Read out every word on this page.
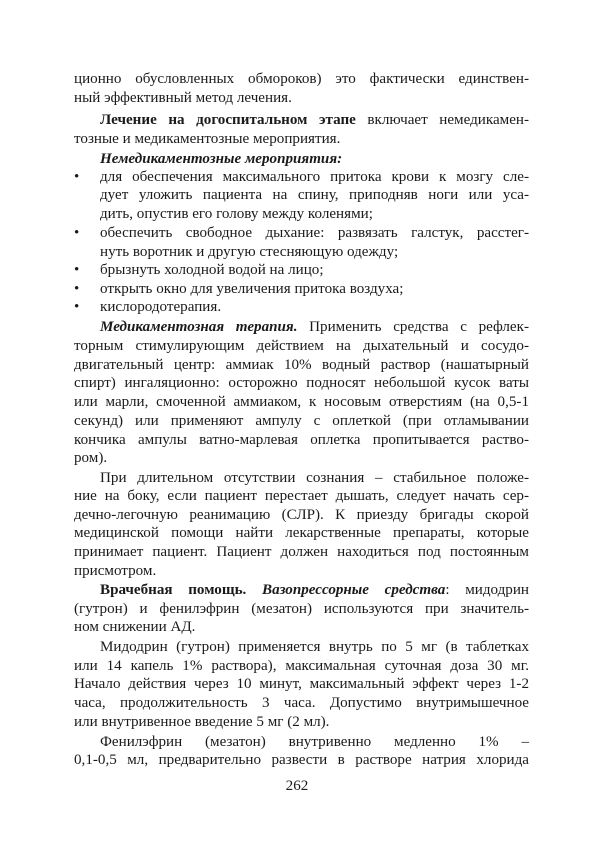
ционно обусловленных обмороков) это фактически единствен-
ный эффективный метод лечения.
Лечение на догоспитальном этапе включает немедикамен-
тозные и медикаментозные мероприятия.
Немедикаментозные мероприятия:
• для обеспечения максимального притока крови к мозгу сле-
дует уложить пациента на спину, приподняв ноги или уса-
дить, опустив его голову между коленями;
• обеспечить свободное дыхание: развязать галстук, расстег-
нуть воротник и другую стесняющую одежду;
• брызнуть холодной водой на лицо;
• открыть окно для увеличения притока воздуха;
• кислородотерапия.
Медикаментозная терапия. Применить средства с рефлек-
торным стимулирующим действием на дыхательный и сосудо-
двигательный центр: аммиак 10% водный раствор (нашатырный
спирт) ингаляционно: осторожно подносят небольшой кусок ваты
или марли, смоченной аммиаком, к носовым отверстиям (на 0,5-1
секунд) или применяют ампулу с оплеткой (при отламывании
кончика ампулы ватно-марлевая оплетка пропитывается раство-
ром).
При длительном отсутствии сознания – стабильное положе-
ние на боку, если пациент перестает дышать, следует начать сер-
дечно-легочную реанимацию (СЛР). К приезду бригады скорой
медицинской помощи найти лекарственные препараты, которые
принимает пациент. Пациент должен находиться под постоянным
присмотром.
Врачебная помощь. Вазопрессорные средства: мидодрин
(гутрон) и фенилэфрин (мезатон) используются при значитель-
ном снижении АД.
Мидодрин (гутрон) применяется внутрь по 5 мг (в таблетках
или 14 капель 1% раствора), максимальная суточная доза 30 мг.
Начало действия через 10 минут, максимальный эффект через 1-2
часа, продолжительность 3 часа. Допустимо внутримышечное
или внутривенное введение 5 мг (2 мл).
Фенилэфрин (мезатон) внутривенно медленно 1% –
0,1-0,5 мл, предварительно развести в растворе натрия хлорида
262
